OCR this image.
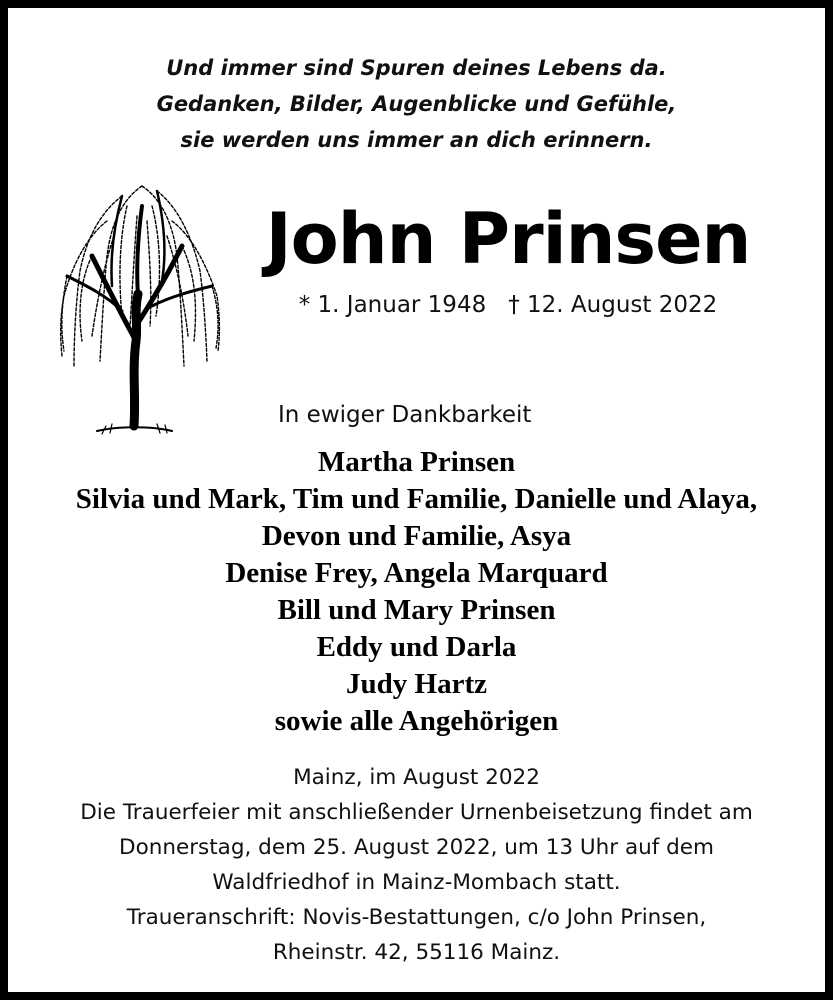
Und immer sind Spuren deines Lebens da.
Gedanken, Bilder, Augenblicke und Gefühle,
sie werden uns immer an dich erinnern.
John Prinsen
* 1. Januar 1948 † 12. August 2022
In ewiger Dankbarkeit
Martha Prinsen
Silvia und Mark, Tim und Familie, Danielle und Alaya,
Devon und Familie, Asya
Denise Frey, Angela Marquard
Bill und Mary Prinsen
Eddy und Darla
Judy Hartz
sowie alle Angehörigen
Mainz, im August 2022
Die Trauerfeier mit anschließender Urnenbeisetzung findet am
Donnerstag, dem 25. August 2022, um 13 Uhr auf dem
Waldfriedhof in Mainz-Mombach statt.
Traueranschrift: Novis-Bestattungen, c/o John Prinsen,
Rheinstr. 42, 55116 Mainz.
